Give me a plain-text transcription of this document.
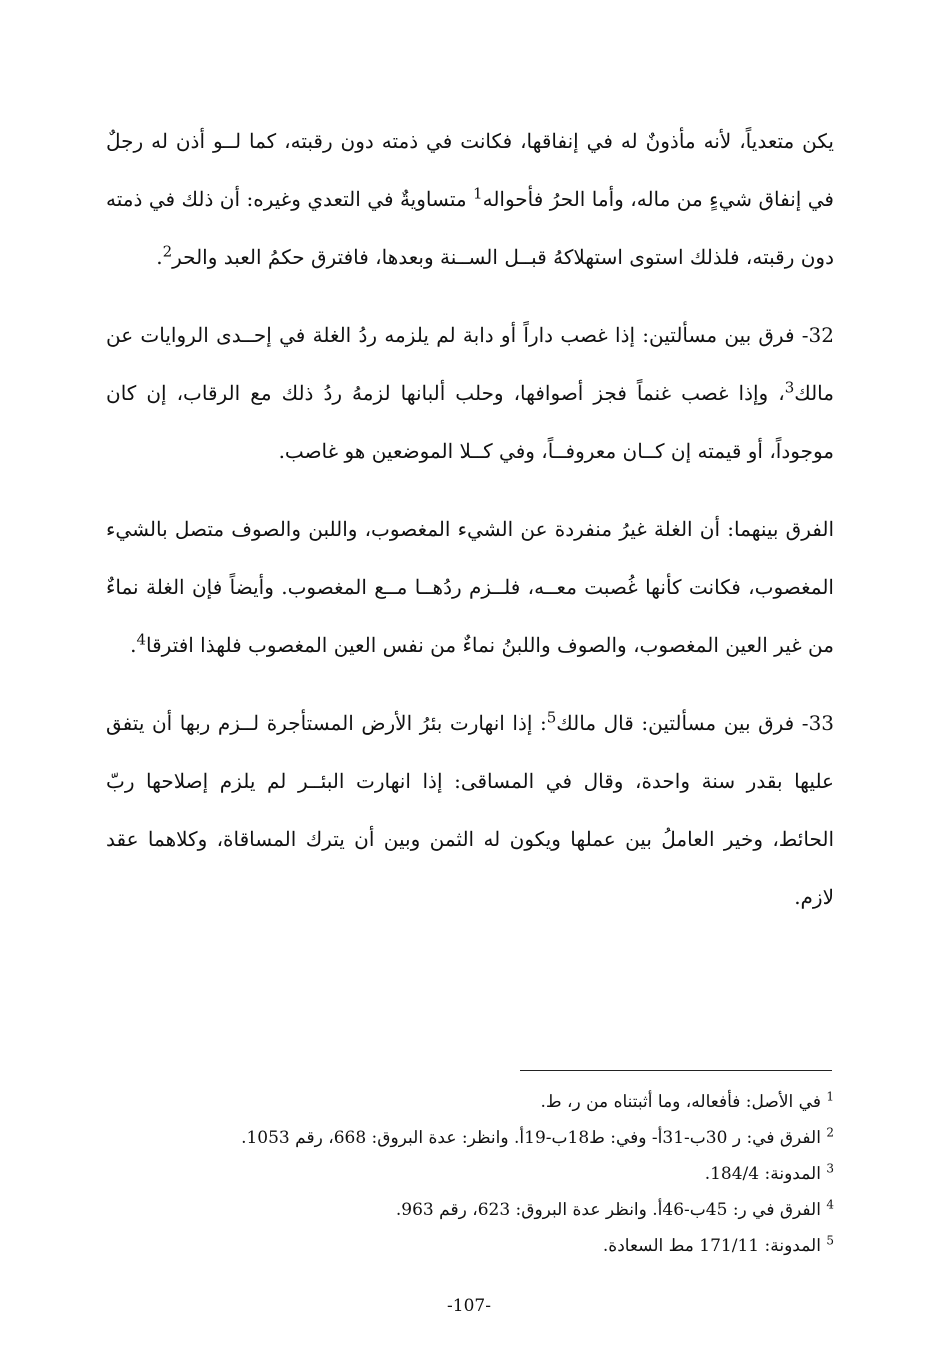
يكن متعدياً، لأنه مأذونٌ له في إنفاقها، فكانت في ذمته دون رقبته، كما لــو أذن له رجلٌ في إنفاق شيءٍ من ماله، وأما الحرُ فأحواله$^1$ متساويةٌ في التعدي وغيره: أن ذلك في ذمته دون رقبته، فلذلك استوى استهلاكهُ قبــل الســنة وبعدها، فافترق حكمُ العبد والحر$^2$.

32- فرق بين مسألتين: إذا غصب داراً أو دابة لم يلزمه ردُ الغلة في إحــدى الروايات عن مالك$^3$، وإذا غصب غنماً فجز أصوافها، وحلب ألبانها لزمهُ ردُ ذلك مع الرقاب، إن كان موجوداً، أو قيمته إن كــان معروفــاً، وفي كــلا الموضعين هو غاصب.

الفرق بينهما: أن الغلة غيرُ منفردة عن الشيء المغصوب، واللبن والصوف متصل بالشيء المغصوب، فكانت كأنها غُصبت معــه، فلــزم ردُهــا مــع المغصوب. وأيضاً فإن الغلة نماءٌ من غير العين المغصوب، والصوف واللبنُ نماءٌ من نفس العين المغصوب فلهذا افترقا$^4$.

33- فرق بين مسألتين: قال مالك$^5$: إذا انهارت بئرُ الأرض المستأجرة لــزم ربها أن يتفق عليها بقدر سنة واحدة، وقال في المساقى: إذا انهارت البئــر لم يلزم إصلاحها ربّ الحائط، وخير العاملُ بين عملها ويكون له الثمن وبين أن يترك المساقاة، وكلاهما عقد لازم.

$^1$ في الأصل: فأفعاله، وما أثبتناه من ر، ط.

$^2$ الفرق في: ر 30ب-31أ- وفي: ط18ب-19أ. وانظر: عدة البروق: 668، رقم 1053.

$^3$ المدونة: 184/4.

$^4$ الفرق في ر: 45ب-46أ. وانظر عدة البروق: 623، رقم 963.

$^5$ المدونة: 171/11 مط السعادة.

-107-
